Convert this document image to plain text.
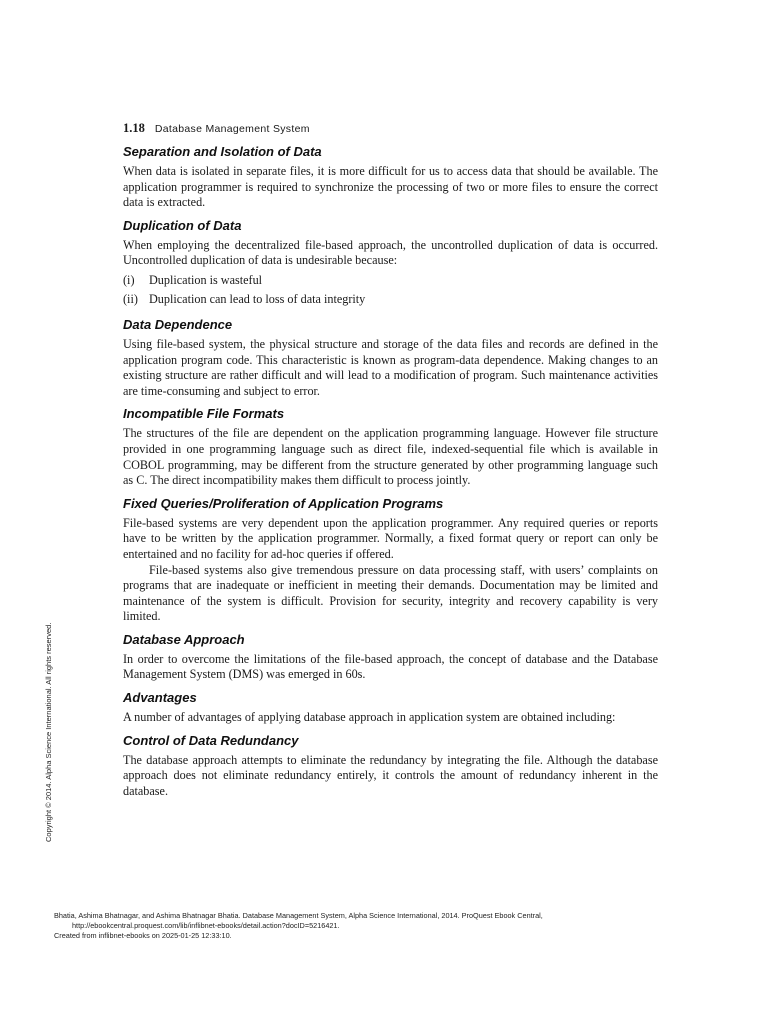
1.18 Database Management System
Separation and Isolation of Data

When data is isolated in separate files, it is more difficult for us to access data that should be available. The application programmer is required to synchronize the processing of two or more files to ensure the correct data is extracted.

Duplication of Data

When employing the decentralized file-based approach, the uncontrolled duplication of data is occurred. Uncontrolled duplication of data is undesirable because:

(i) Duplication is wasteful
(ii) Duplication can lead to loss of data integrity
Data Dependence

Using file-based system, the physical structure and storage of the data files and records are defined in the application program code. This characteristic is known as program-data dependence. Making changes to an existing structure are rather difficult and will lead to a modification of program. Such maintenance activities are time-consuming and subject to error.

Incompatible File Formats

The structures of the file are dependent on the application programming language. However file structure provided in one programming language such as direct file, indexed-sequential file which is available in COBOL programming, may be different from the structure generated by other programming language such as C. The direct incompatibility makes them difficult to process jointly.

Fixed Queries/Proliferation of Application Programs

File-based systems are very dependent upon the application programmer. Any required queries or reports have to be written by the application programmer. Normally, a fixed format query or report can only be entertained and no facility for ad-hoc queries if offered.

File-based systems also give tremendous pressure on data processing staff, with users’ complaints on programs that are inadequate or inefficient in meeting their demands. Documentation may be limited and maintenance of the system is difficult. Provision for security, integrity and recovery capability is very limited.

Database Approach

In order to overcome the limitations of the file-based approach, the concept of database and the Database Management System (DMS) was emerged in 60s.

Advantages

A number of advantages of applying database approach in application system are obtained including:

Control of Data Redundancy

The database approach attempts to eliminate the redundancy by integrating the file. Although the database approach does not eliminate redundancy entirely, it controls the amount of redundancy inherent in the database.

Copyright © 2014. Alpha Science International. All rights reserved.
Bhatia, Ashima Bhatnagar, and Ashima Bhatnagar Bhatia. Database Management System, Alpha Science International, 2014. ProQuest Ebook Central,
http://ebookcentral.proquest.com/lib/inflibnet-ebooks/detail.action?docID=5216421.
Created from inflibnet-ebooks on 2025-01-25 12:33:10.
